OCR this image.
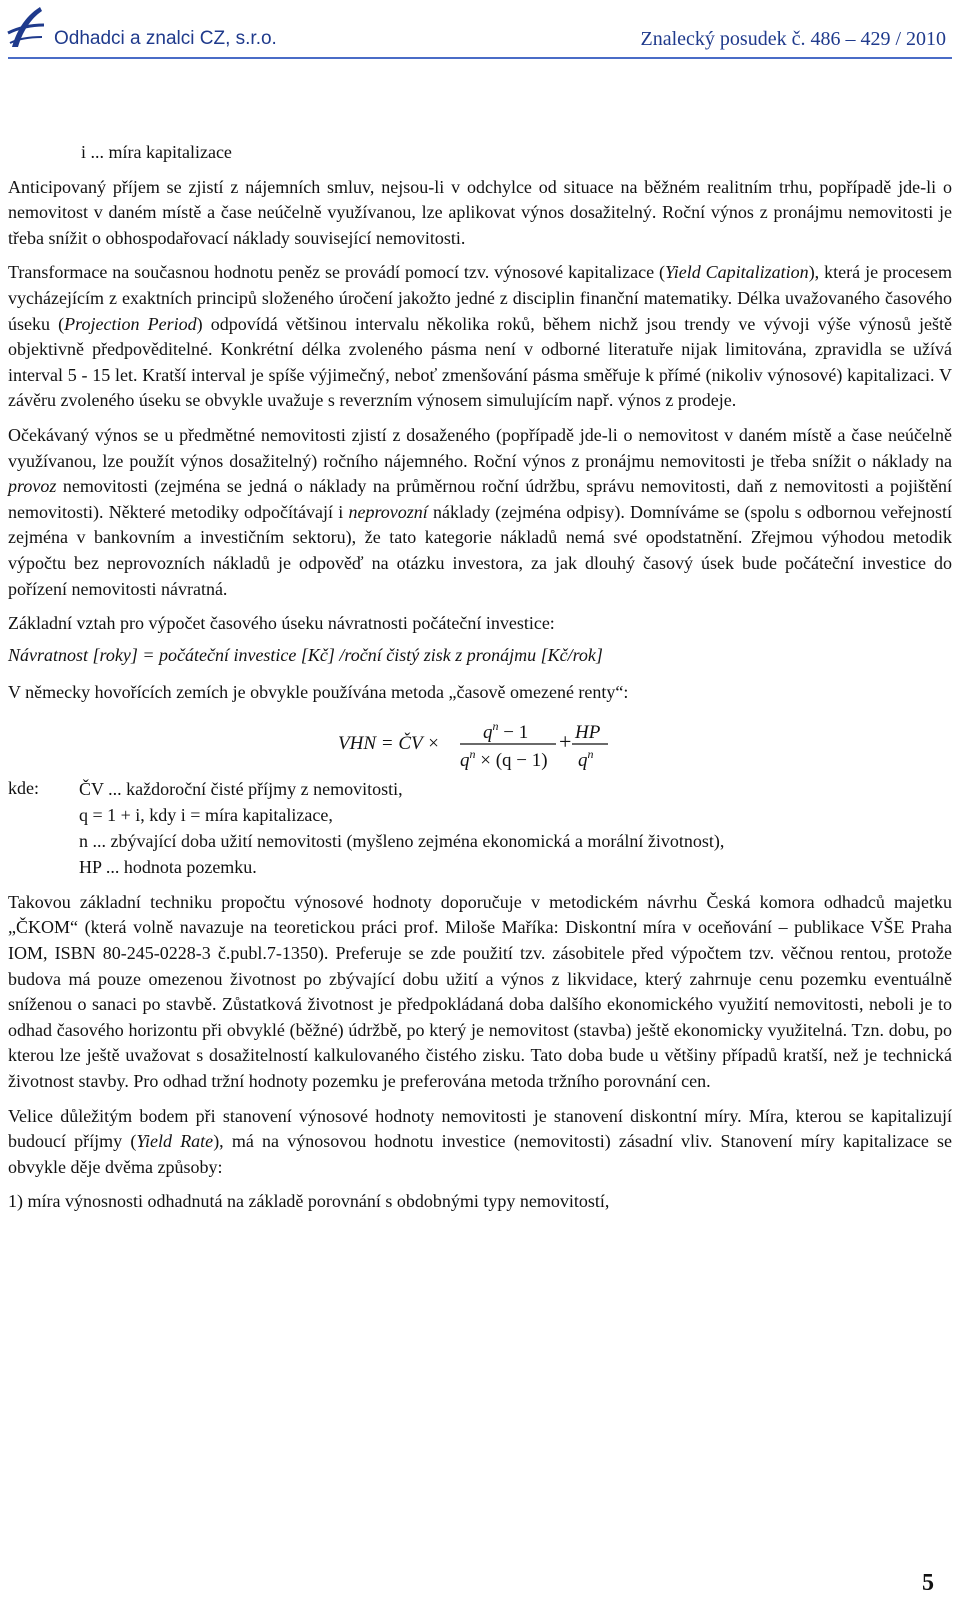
Odhadci a znalci CZ, s.r.o.	Znalecký posudek č. 486 – 429 / 2010

i ... míra kapitalizace

Anticipovaný příjem se zjistí z nájemních smluv, nejsou-li v odchylce od situace na běžném realitním trhu, popřípadě jde-li o nemovitost v daném místě a čase neúčelně využívanou, lze aplikovat výnos dosažitelný. Roční výnos z pronájmu nemovitosti je třeba snížit o obhospodařovací náklady související nemovitosti.

Transformace na současnou hodnotu peněz se provádí pomocí tzv. výnosové kapitalizace (Yield Capitalization), která je procesem vycházejícím z exaktních principů složeného úročení jakožto jedné z disciplin finanční matematiky. Délka uvažovaného časového úseku (Projection Period) odpovídá většinou intervalu několika roků, během nichž jsou trendy ve vývoji výše výnosů ještě objektivně předpověditelné. Konkrétní délka zvoleného pásma není v odborné literatuře nijak limitována, zpravidla se užívá interval 5 - 15 let. Kratší interval je spíše výjimečný, neboť zmenšování pásma směřuje k přímé (nikoliv výnosové) kapitalizaci. V závěru zvoleného úseku se obvykle uvažuje s reverzním výnosem simulujícím např. výnos z prodeje.

Očekávaný výnos se u předmětné nemovitosti zjistí z dosaženého (popřípadě jde-li o nemovitost v daném místě a čase neúčelně využívanou, lze použít výnos dosažitelný) ročního nájemného. Roční výnos z pronájmu nemovitosti je třeba snížit o náklady na provoz nemovitosti (zejména se jedná o náklady na průměrnou roční údržbu, správu nemovitosti, daň z nemovitosti a pojištění nemovitosti). Některé metodiky odpočítávají i neprovozní náklady (zejména odpisy). Domníváme se (spolu s odbornou veřejností zejména v bankovním a investičním sektoru), že tato kategorie nákladů nemá své opodstatnění. Zřejmou výhodou metodik výpočtu bez neprovozních nákladů je odpověď na otázku investora, za jak dlouhý časový úsek bude počáteční investice do pořízení nemovitosti návratná.

Základní vztah pro výpočet časového úseku návratnosti počáteční investice:

Návratnost [roky] = počáteční investice [Kč] /roční čistý zisk z pronájmu [Kč/rok]

V německy hovořících zemích je obvykle používána metoda „časově omezené renty“:

VHN = ČV ×
$q^n - 1$
$q^n \times (q - 1)$
+ HP
$q^n$
kde: ČV ... každoroční čisté příjmy z nemovitosti,
q = 1 + i, kdy i = míra kapitalizace,
n ... zbývající doba užití nemovitosti (myšleno zejména ekonomická a morální životnost),
HP ... hodnota pozemku.

Takovou základní techniku propočtu výnosové hodnoty doporučuje v metodickém návrhu Česká komora odhadců majetku „ČKOM“ (která volně navazuje na teoretickou práci prof. Miloše Maříka: Diskontní míra v oceňování – publikace VŠE Praha IOM, ISBN 80-245-0228-3 č.publ.7-1350). Preferuje se zde použití tzv. zásobitele před výpočtem tzv. věčnou rentou, protože budova má pouze omezenou životnost po zbývající dobu užití a výnos z likvidace, který zahrnuje cenu pozemku eventuálně sníženou o sanaci po stavbě. Zůstatková životnost je předpokládaná doba dalšího ekonomického využití nemovitosti, neboli je to odhad časového horizontu při obvyklé (běžné) údržbě, po který je nemovitost (stavba) ještě ekonomicky využitelná. Tzn. dobu, po kterou lze ještě uvažovat s dosažitelností kalkulovaného čistého zisku. Tato doba bude u většiny případů kratší, než je technická životnost stavby. Pro odhad tržní hodnoty pozemku je preferována metoda tržního porovnání cen.

Velice důležitým bodem při stanovení výnosové hodnoty nemovitosti je stanovení diskontní míry. Míra, kterou se kapitalizují budoucí příjmy (Yield Rate), má na výnosovou hodnotu investice (nemovitosti) zásadní vliv. Stanovení míry kapitalizace se obvykle děje dvěma způsoby:

1) míra výnosnosti odhadnutá na základě porovnání s obdobnými typy nemovitostí,

5
